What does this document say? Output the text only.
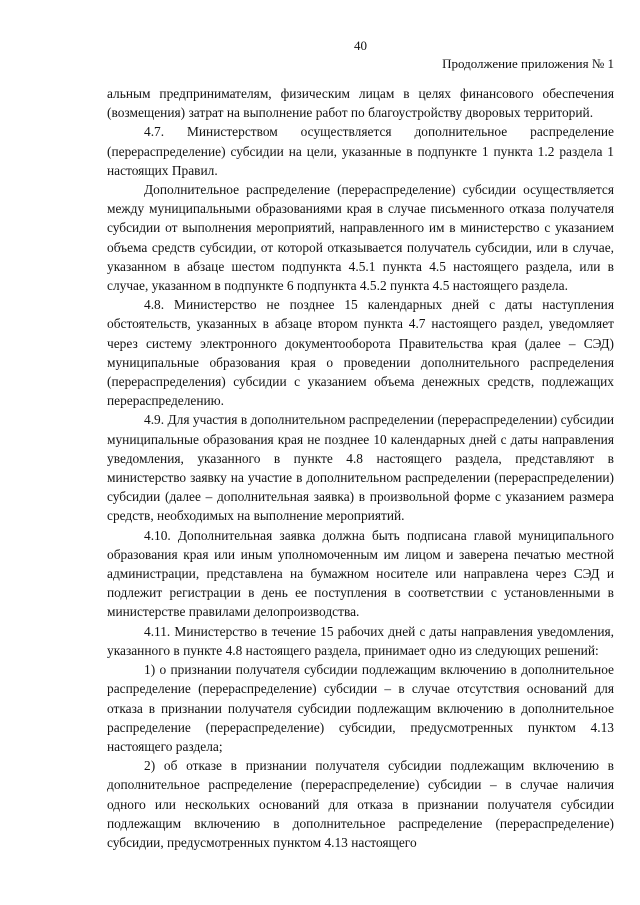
40
Продолжение приложения № 1

альным предпринимателям, физическим лицам в целях финансового обеспечения (возмещения) затрат на выполнение работ по благоустройству дворовых территорий.

4.7. Министерством осуществляется дополнительное распределение (перераспределение) субсидии на цели, указанные в подпункте 1 пункта 1.2 раздела 1 настоящих Правил.

Дополнительное распределение (перераспределение) субсидии осуществляется между муниципальными образованиями края в случае письменного отказа получателя субсидии от выполнения мероприятий, направленного им в министерство с указанием объема средств субсидии, от которой отказывается получатель субсидии, или в случае, указанном в абзаце шестом подпункта 4.5.1 пункта 4.5 настоящего раздела, или в случае, указанном в подпункте 6 подпункта 4.5.2 пункта 4.5 настоящего раздела.

4.8. Министерство не позднее 15 календарных дней с даты наступления обстоятельств, указанных в абзаце втором пункта 4.7 настоящего раздел, уведомляет через систему электронного документооборота Правительства края (далее – СЭД) муниципальные образования края о проведении дополнительного распределения (перераспределения) субсидии с указанием объема денежных средств, подлежащих перераспределению.

4.9. Для участия в дополнительном распределении (перераспределении) субсидии муниципальные образования края не позднее 10 календарных дней с даты направления уведомления, указанного в пункте 4.8 настоящего раздела, представляют в министерство заявку на участие в дополнительном распределении (перераспределении) субсидии (далее – дополнительная заявка) в произвольной форме с указанием размера средств, необходимых на выполнение мероприятий.

4.10. Дополнительная заявка должна быть подписана главой муниципального образования края или иным уполномоченным им лицом и заверена печатью местной администрации, представлена на бумажном носителе или направлена через СЭД и подлежит регистрации в день ее поступления в соответствии с установленными в министерстве правилами делопроизводства.

4.11. Министерство в течение 15 рабочих дней с даты направления уведомления, указанного в пункте 4.8 настоящего раздела, принимает одно из следующих решений:

1) о признании получателя субсидии подлежащим включению в дополнительное распределение (перераспределение) субсидии – в случае отсутствия оснований для отказа в признании получателя субсидии подлежащим включению в дополнительное распределение (перераспределение) субсидии, предусмотренных пунктом 4.13 настоящего раздела;

2) об отказе в признании получателя субсидии подлежащим включению в дополнительное распределение (перераспределение) субсидии – в случае наличия одного или нескольких оснований для отказа в признании получателя субсидии подлежащим включению в дополнительное распределение (перераспределение) субсидии, предусмотренных пунктом 4.13 настоящего
